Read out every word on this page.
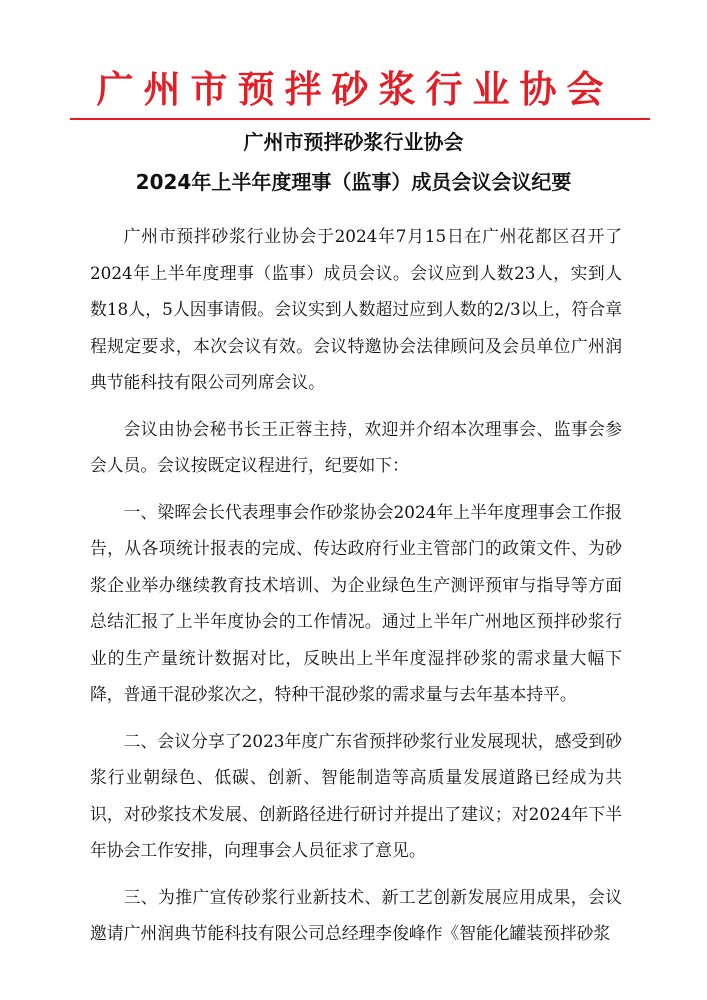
广州市预拌砂浆行业协会
广州市预拌砂浆行业协会
2024年上半年度理事（监事）成员会议会议纪要

广州市预拌砂浆行业协会于2024年7月15日在广州花都区召开了2024年上半年度理事（监事）成员会议。会议应到人数23人，实到人数18人，5人因事请假。会议实到人数超过应到人数的2/3以上，符合章程规定要求，本次会议有效。会议特邀协会法律顾问及会员单位广州润典节能科技有限公司列席会议。

会议由协会秘书长王正蓉主持，欢迎并介绍本次理事会、监事会参会人员。会议按既定议程进行，纪要如下：

一、梁晖会长代表理事会作砂浆协会2024年上半年度理事会工作报告，从各项统计报表的完成、传达政府行业主管部门的政策文件、为砂浆企业举办继续教育技术培训、为企业绿色生产测评预审与指导等方面总结汇报了上半年度协会的工作情况。通过上半年广州地区预拌砂浆行业的生产量统计数据对比，反映出上半年度湿拌砂浆的需求量大幅下降，普通干混砂浆次之，特种干混砂浆的需求量与去年基本持平。

二、会议分享了2023年度广东省预拌砂浆行业发展现状，感受到砂浆行业朝绿色、低碳、创新、智能制造等高质量发展道路已经成为共识，对砂浆技术发展、创新路径进行研讨并提出了建议；对2024年下半年协会工作安排，向理事会人员征求了意见。

三、为推广宣传砂浆行业新技术、新工艺创新发展应用成果，会议邀请广州润典节能科技有限公司总经理李俊峰作《智能化罐装预拌砂浆
